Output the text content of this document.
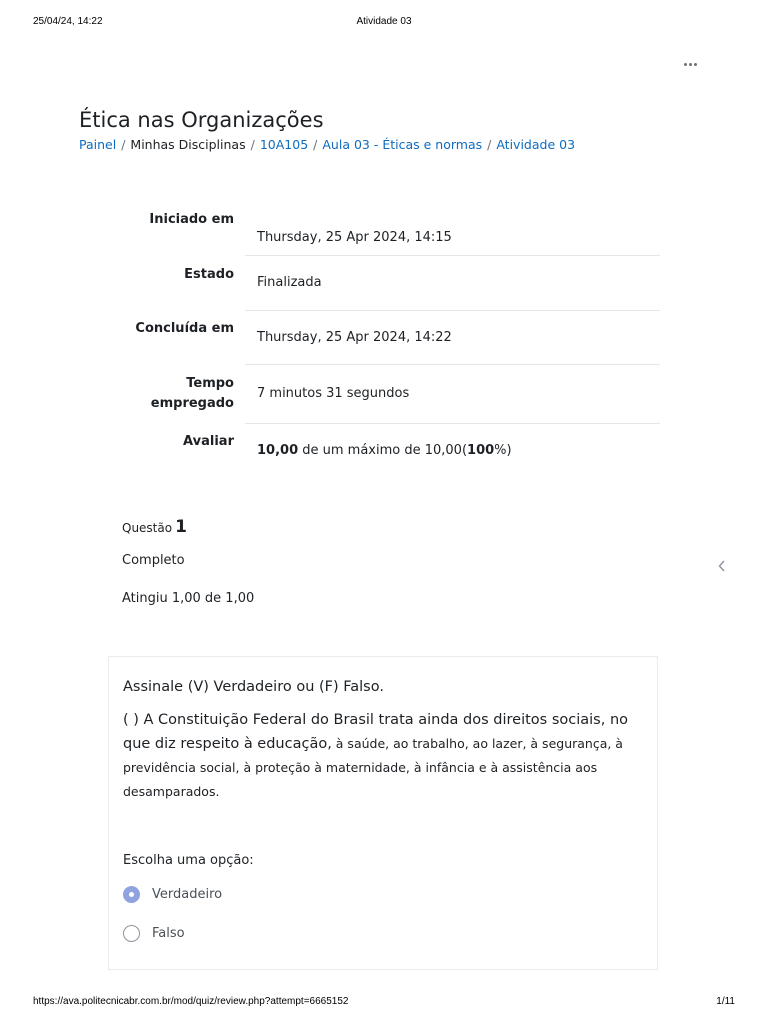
25/04/24, 14:22	Atividade 03
Ética nas Organizações
Painel / Minhas Disciplinas / 10A105 / Aula 03 - Éticas e normas / Atividade 03
Iniciado em
Thursday, 25 Apr 2024, 14:15
Estado
Finalizada
Concluída em
Thursday, 25 Apr 2024, 14:22
Tempo
empregado
7 minutos 31 segundos
Avaliar
10,00 de um máximo de 10,00(100%)
Questão 1
Completo
Atingiu 1,00 de 1,00
Assinale (V) Verdadeiro ou (F) Falso.
( ) A Constituição Federal do Brasil trata ainda dos direitos sociais, no que diz respeito à educação, à saúde, ao trabalho, ao lazer, à segurança, à previdência social, à proteção à maternidade, à infância e à assistência aos desamparados.
Escolha uma opção:
Verdadeiro
Falso
https://ava.politecnicabr.com.br/mod/quiz/review.php?attempt=6665152	1/11
